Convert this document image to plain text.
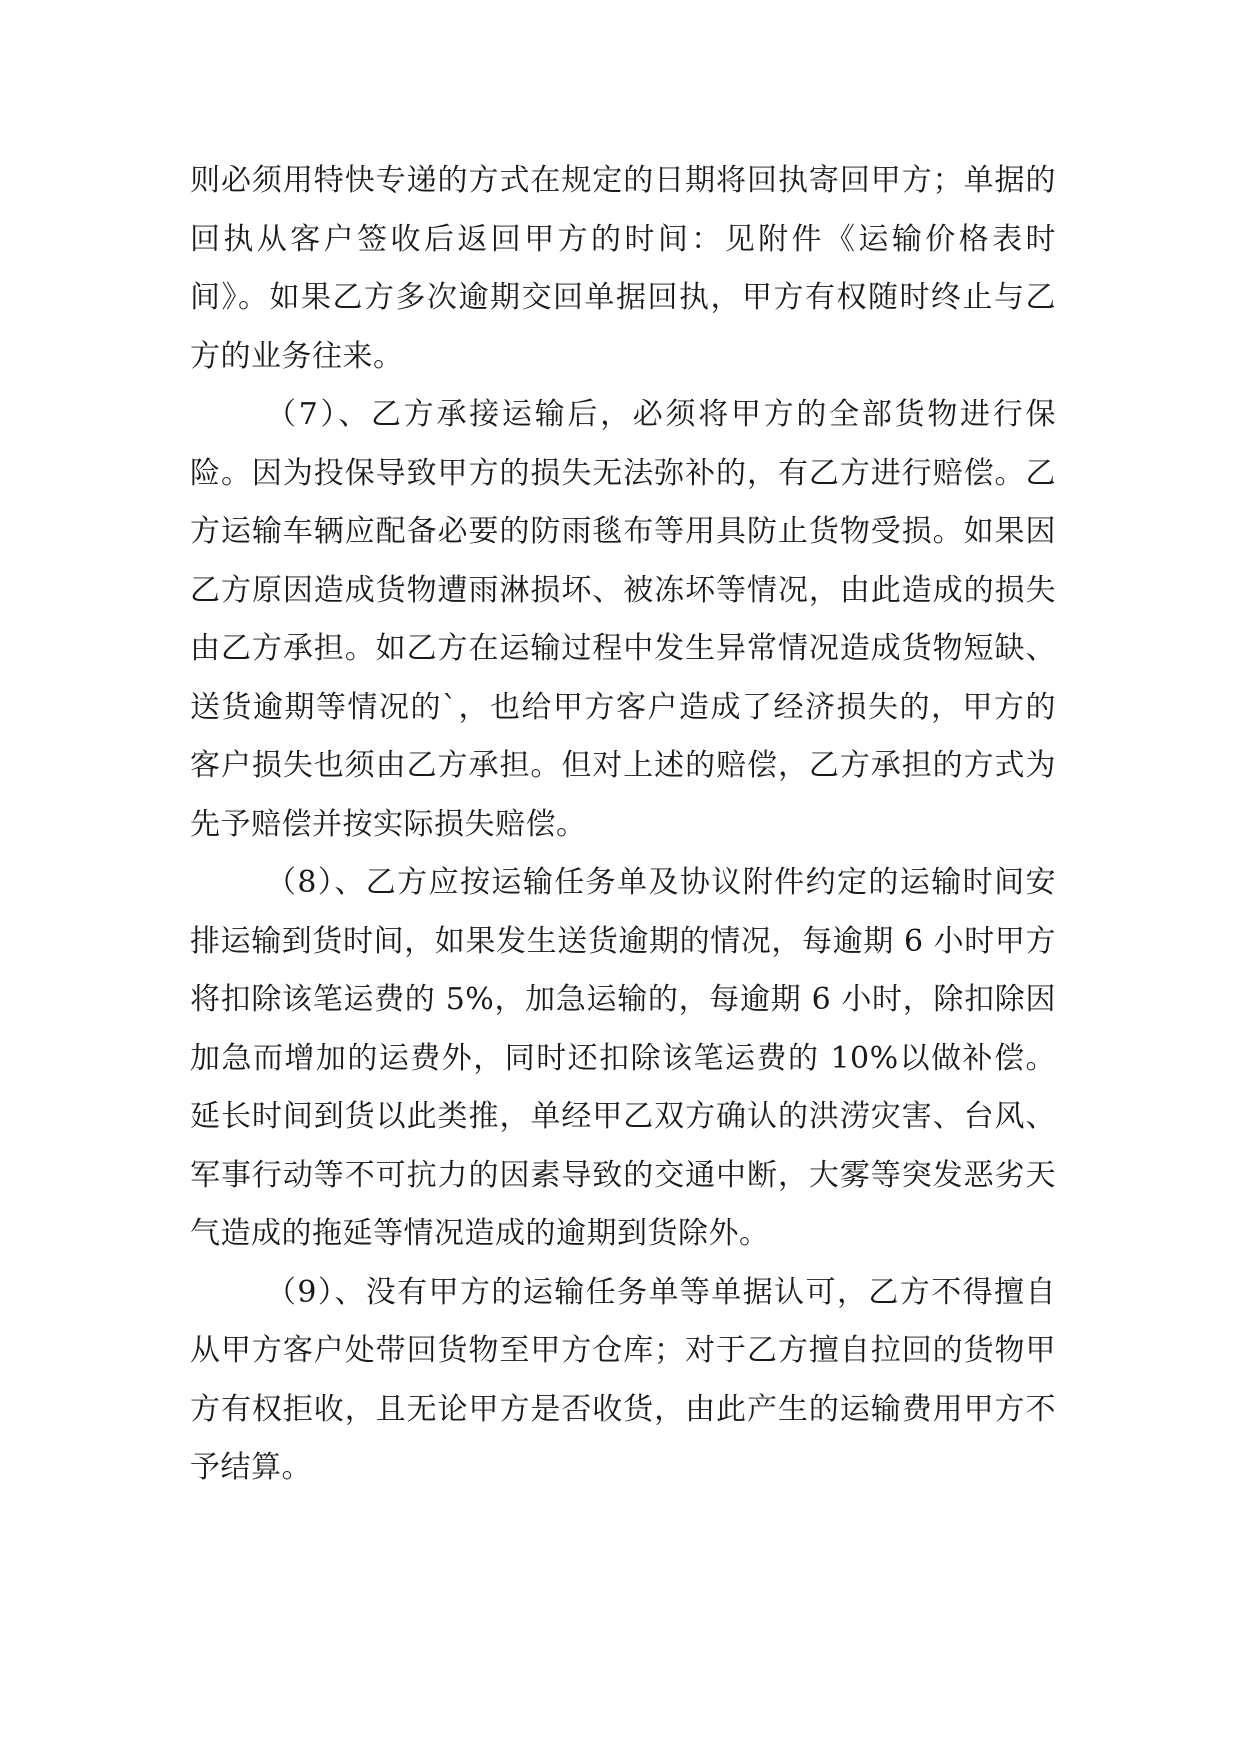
则必须用特快专递的方式在规定的日期将回执寄回甲方；单据的回执从客户签收后返回甲方的时间：见附件《运输价格表时间》。如果乙方多次逾期交回单据回执，甲方有权随时终止与乙方的业务往来。

（7）、乙方承接运输后，必须将甲方的全部货物进行保险。因为投保导致甲方的损失无法弥补的，有乙方进行赔偿。乙方运输车辆应配备必要的防雨毯布等用具防止货物受损。如果因乙方原因造成货物遭雨淋损坏、被冻坏等情况，由此造成的损失由乙方承担。如乙方在运输过程中发生异常情况造成货物短缺、送货逾期等情况的`，也给甲方客户造成了经济损失的，甲方的客户损失也须由乙方承担。但对上述的赔偿，乙方承担的方式为先予赔偿并按实际损失赔偿。

（8）、乙方应按运输任务单及协议附件约定的运输时间安排运输到货时间，如果发生送货逾期的情况，每逾期 6 小时甲方将扣除该笔运费的 5%，加急运输的，每逾期 6 小时，除扣除因加急而增加的运费外，同时还扣除该笔运费的 10%以做补偿。延长时间到货以此类推，单经甲乙双方确认的洪涝灾害、台风、军事行动等不可抗力的因素导致的交通中断，大雾等突发恶劣天气造成的拖延等情况造成的逾期到货除外。

（9）、没有甲方的运输任务单等单据认可，乙方不得擅自从甲方客户处带回货物至甲方仓库；对于乙方擅自拉回的货物甲方有权拒收，且无论甲方是否收货，由此产生的运输费用甲方不予结算。
